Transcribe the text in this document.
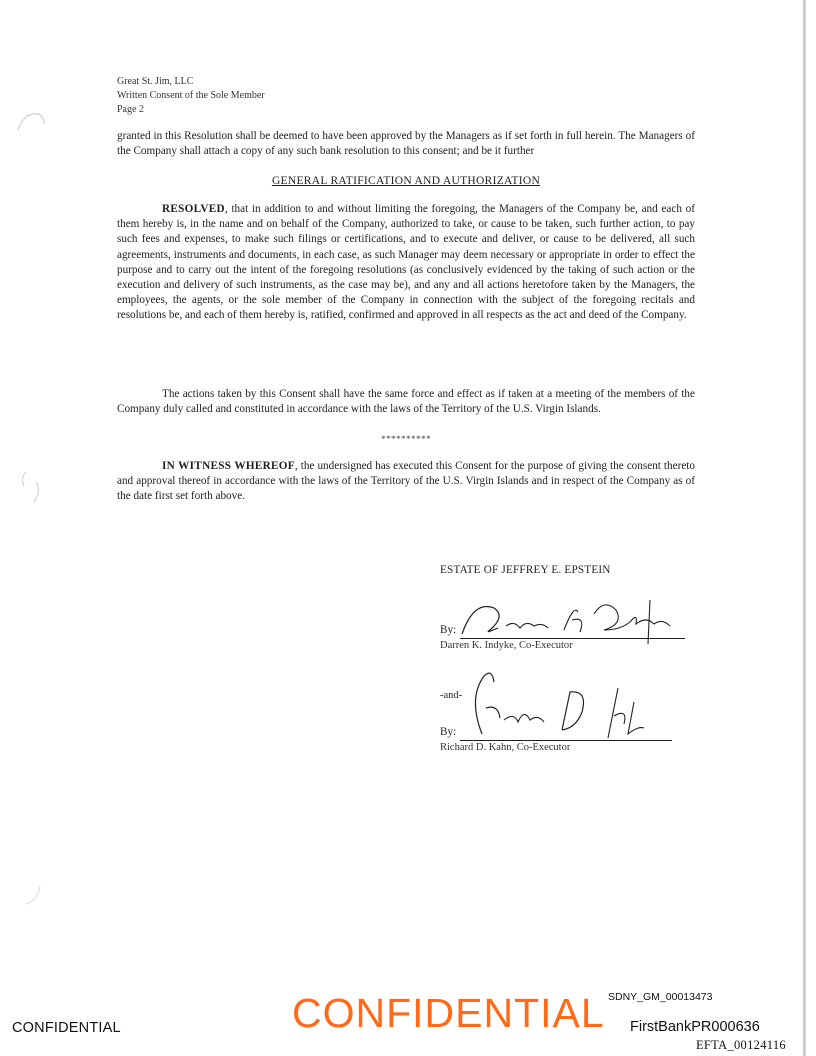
Great St. Jim, LLC
Written Consent of the Sole Member
Page 2
granted in this Resolution shall be deemed to have been approved by the Managers as if set forth in full herein. The Managers of the Company shall attach a copy of any such bank resolution to this consent; and be it further
GENERAL RATIFICATION AND AUTHORIZATION
RESOLVED, that in addition to and without limiting the foregoing, the Managers of the Company be, and each of them hereby is, in the name and on behalf of the Company, authorized to take, or cause to be taken, such further action, to pay such fees and expenses, to make such filings or certifications, and to execute and deliver, or cause to be delivered, all such agreements, instruments and documents, in each case, as such Manager may deem necessary or appropriate in order to effect the purpose and to carry out the intent of the foregoing resolutions (as conclusively evidenced by the taking of such action or the execution and delivery of such instruments, as the case may be), and any and all actions heretofore taken by the Managers, the employees, the agents, or the sole member of the Company in connection with the subject of the foregoing recitals and resolutions be, and each of them hereby is, ratified, confirmed and approved in all respects as the act and deed of the Company.
The actions taken by this Consent shall have the same force and effect as if taken at a meeting of the members of the Company duly called and constituted in accordance with the laws of the Territory of the U.S. Virgin Islands.
**********
IN WITNESS WHEREOF, the undersigned has executed this Consent for the purpose of giving the consent thereto and approval thereof in accordance with the laws of the Territory of the U.S. Virgin Islands and in respect of the Company as of the date first set forth above.
ESTATE OF JEFFREY E. EPSTEIN
By:
Darren K. Indyke, Co-Executor
-and-
By:
Richard D. Kahn, Co-Executor
CONFIDENTIAL	CONFIDENTIAL SDNY_GM_00013473
FirstBankPR000636
EFTA_00124116
